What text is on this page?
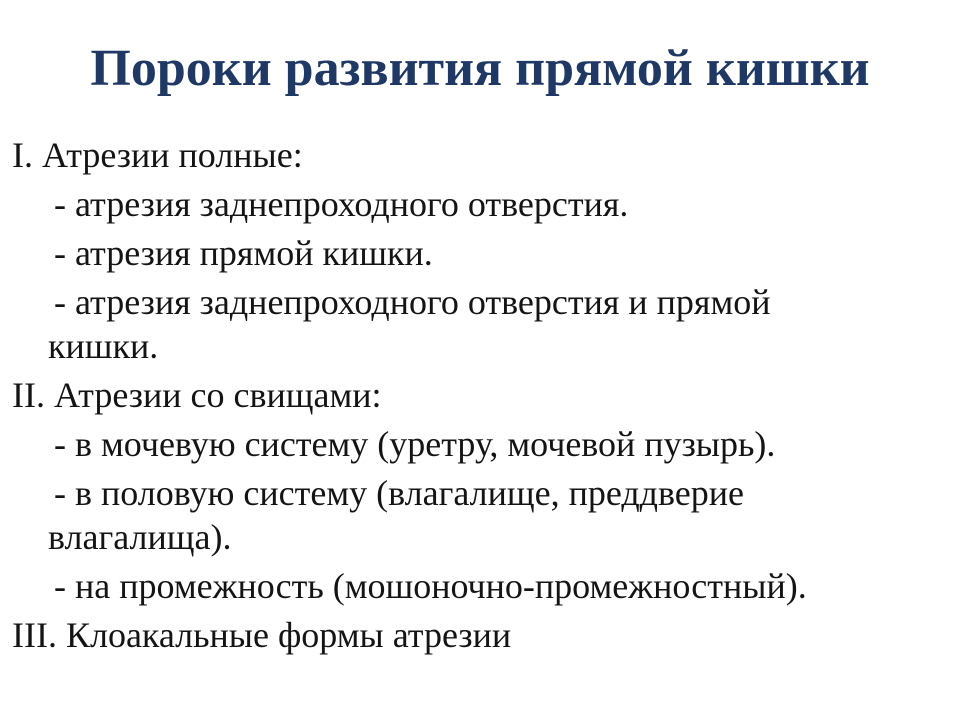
Пороки развития прямой кишки
I. Атрезии полные:
- атрезия заднепроходного отверстия.
- атрезия прямой кишки.
- атрезия заднепроходного отверстия и прямой
кишки.
II. Атрезии со свищами:
- в мочевую систему (уретру, мочевой пузырь).
- в половую систему (влагалище, преддверие
влагалища).
- на промежность (мошоночно-промежностный).
III. Клоакальные формы атрезии
